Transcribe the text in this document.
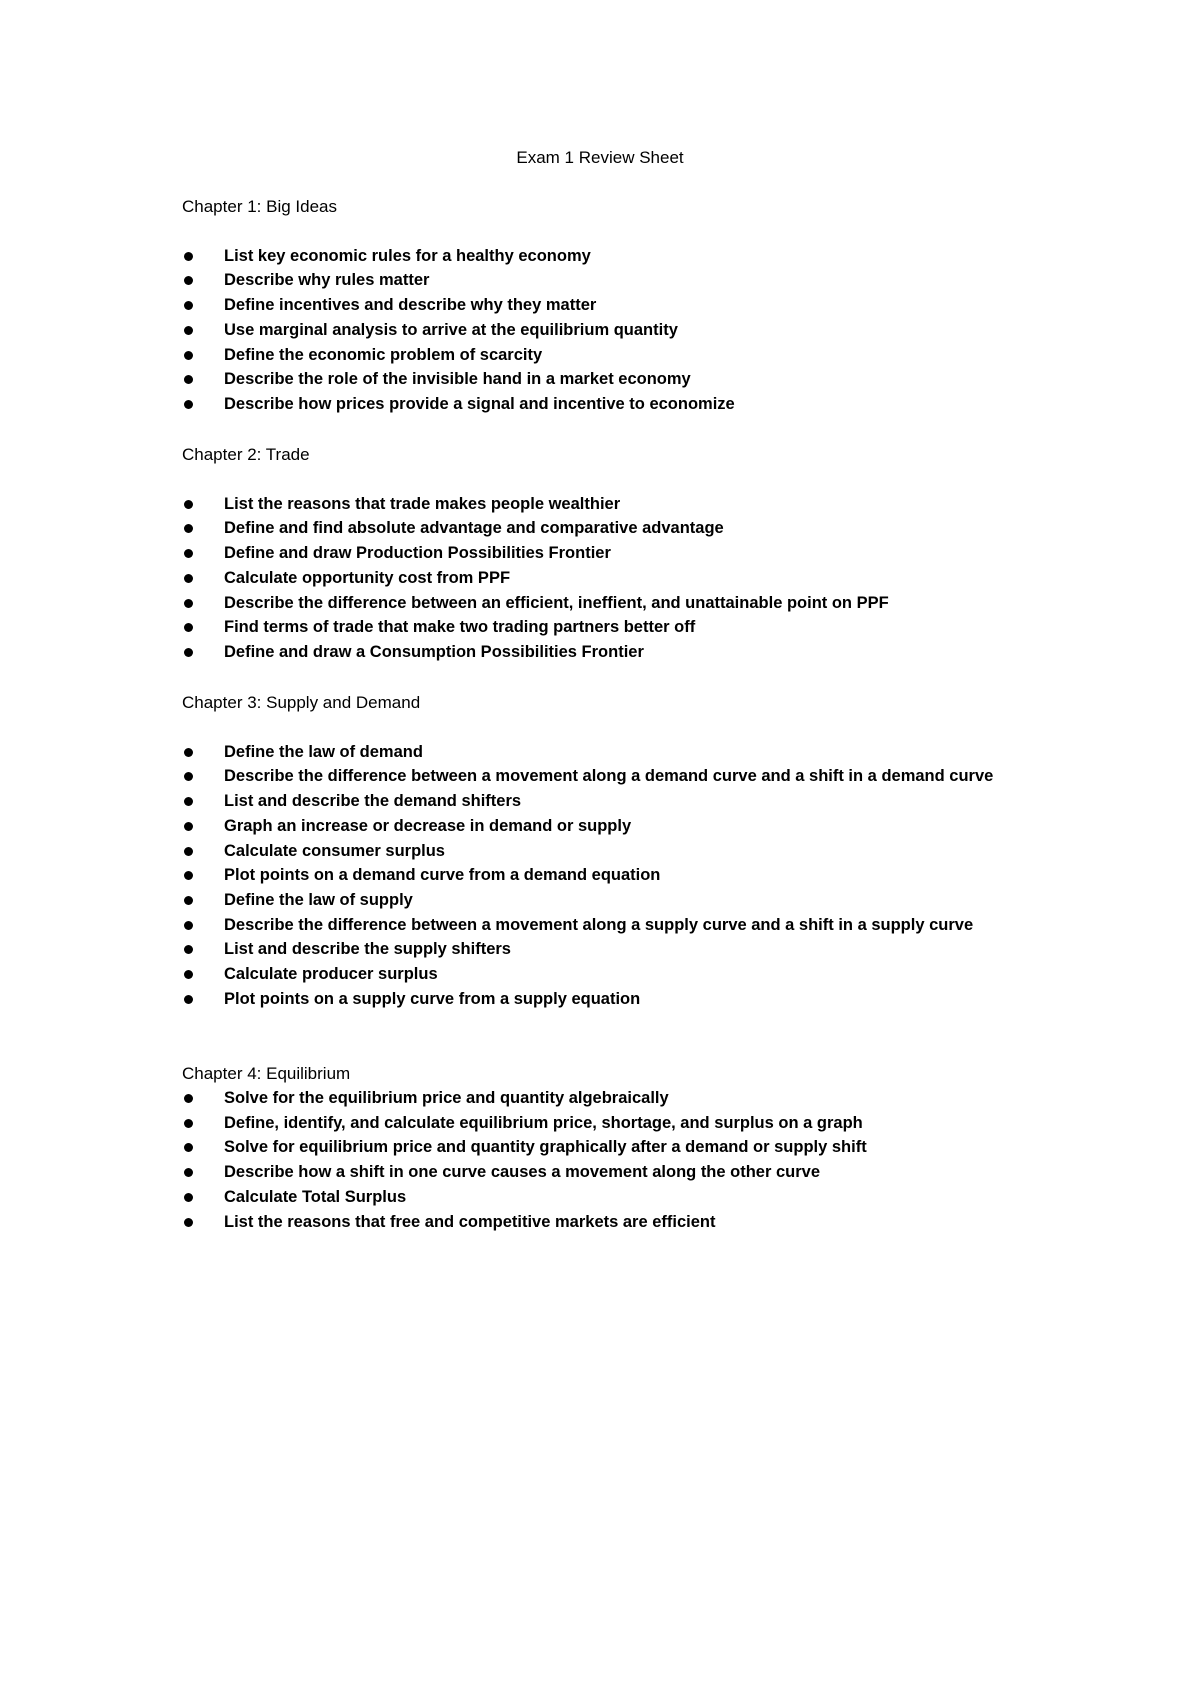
Exam 1 Review Sheet
Chapter 1: Big Ideas
List key economic rules for a healthy economy
Describe why rules matter
Define incentives and describe why they matter
Use marginal analysis to arrive at the equilibrium quantity
Define the economic problem of scarcity
Describe the role of the invisible hand in a market economy
Describe how prices provide a signal and incentive to economize
Chapter 2: Trade
List the reasons that trade makes people wealthier
Define and find absolute advantage and comparative advantage
Define and draw Production Possibilities Frontier
Calculate opportunity cost from PPF
Describe the difference between an efficient, ineffient, and unattainable point on PPF
Find terms of trade that make two trading partners better off
Define and draw a Consumption Possibilities Frontier
Chapter 3: Supply and Demand
Define the law of demand
Describe the difference between a movement along a demand curve and a shift in a demand curve
List and describe the demand shifters
Graph an increase or decrease in demand or supply
Calculate consumer surplus
Plot points on a demand curve from a demand equation
Define the law of supply
Describe the difference between a movement along a supply curve and a shift in a supply curve
List and describe the supply shifters
Calculate producer surplus
Plot points on a supply curve from a supply equation
Chapter 4: Equilibrium
Solve for the equilibrium price and quantity algebraically
Define, identify, and calculate equilibrium price, shortage, and surplus on a graph
Solve for equilibrium price and quantity graphically after a demand or supply shift
Describe how a shift in one curve causes a movement along the other curve
Calculate Total Surplus
List the reasons that free and competitive markets are efficient
